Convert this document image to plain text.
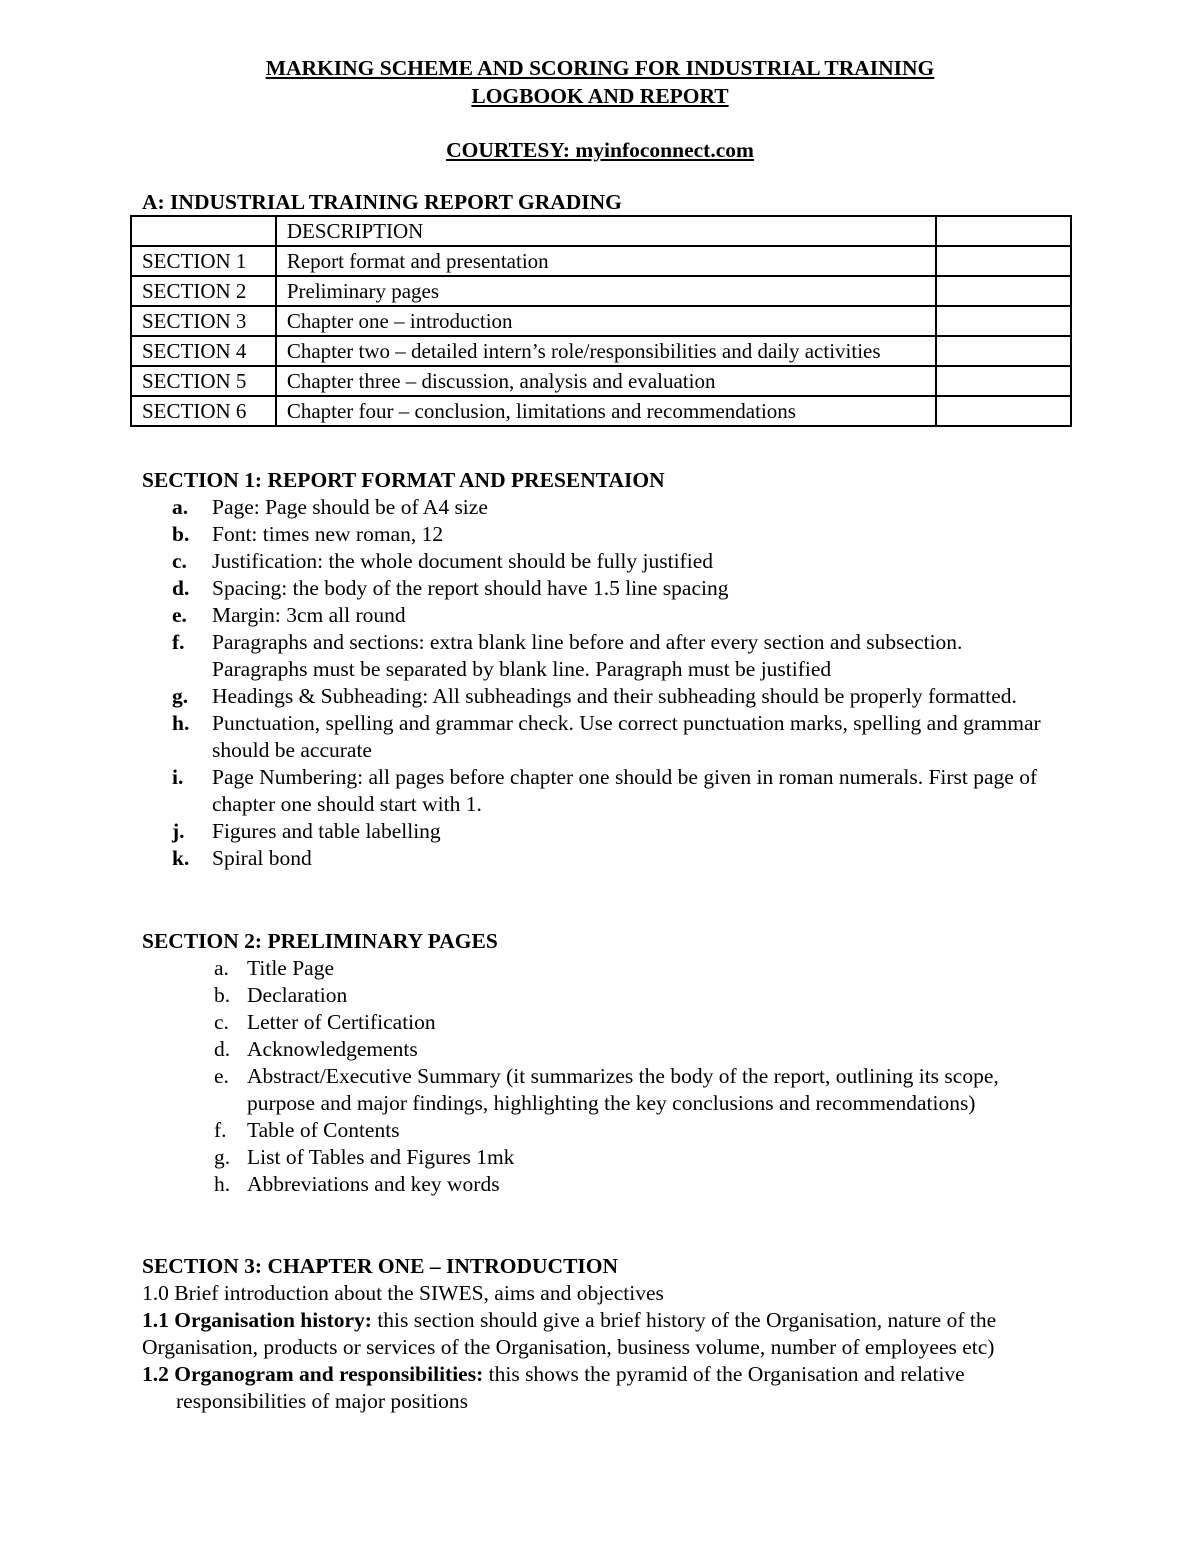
MARKING SCHEME AND SCORING FOR INDUSTRIAL TRAINING
LOGBOOK AND REPORT
COURTESY: myinfoconnect.com
A: INDUSTRIAL TRAINING REPORT GRADING
	DESCRIPTION	
SECTION 1	Report format and presentation	
SECTION 2	Preliminary pages	
SECTION 3	Chapter one – introduction	
SECTION 4	Chapter two – detailed intern’s role/responsibilities and daily activities	
SECTION 5	Chapter three – discussion, analysis and evaluation	
SECTION 6	Chapter four – conclusion, limitations and recommendations	
SECTION 1: REPORT FORMAT AND PRESENTAION
a. Page: Page should be of A4 size
b. Font: times new roman, 12
c. Justification: the whole document should be fully justified
d. Spacing: the body of the report should have 1.5 line spacing
e. Margin: 3cm all round
f. Paragraphs and sections: extra blank line before and after every section and subsection. Paragraphs must be separated by blank line. Paragraph must be justified
g. Headings & Subheading: All subheadings and their subheading should be properly formatted.
h. Punctuation, spelling and grammar check. Use correct punctuation marks, spelling and grammar should be accurate
i. Page Numbering: all pages before chapter one should be given in roman numerals. First page of chapter one should start with 1.
j. Figures and table labelling
k. Spiral bond
SECTION 2: PRELIMINARY PAGES
a. Title Page
b. Declaration
c. Letter of Certification
d. Acknowledgements
e. Abstract/Executive Summary (it summarizes the body of the report, outlining its scope, purpose and major findings, highlighting the key conclusions and recommendations)
f. Table of Contents
g. List of Tables and Figures 1mk
h. Abbreviations and key words
SECTION 3: CHAPTER ONE – INTRODUCTION

1.0 Brief introduction about the SIWES, aims and objectives

1.1 Organisation history: this section should give a brief history of the Organisation, nature of the Organisation, products or services of the Organisation, business volume, number of employees etc)

1.2 Organogram and responsibilities: this shows the pyramid of the Organisation and relative responsibilities of major positions
